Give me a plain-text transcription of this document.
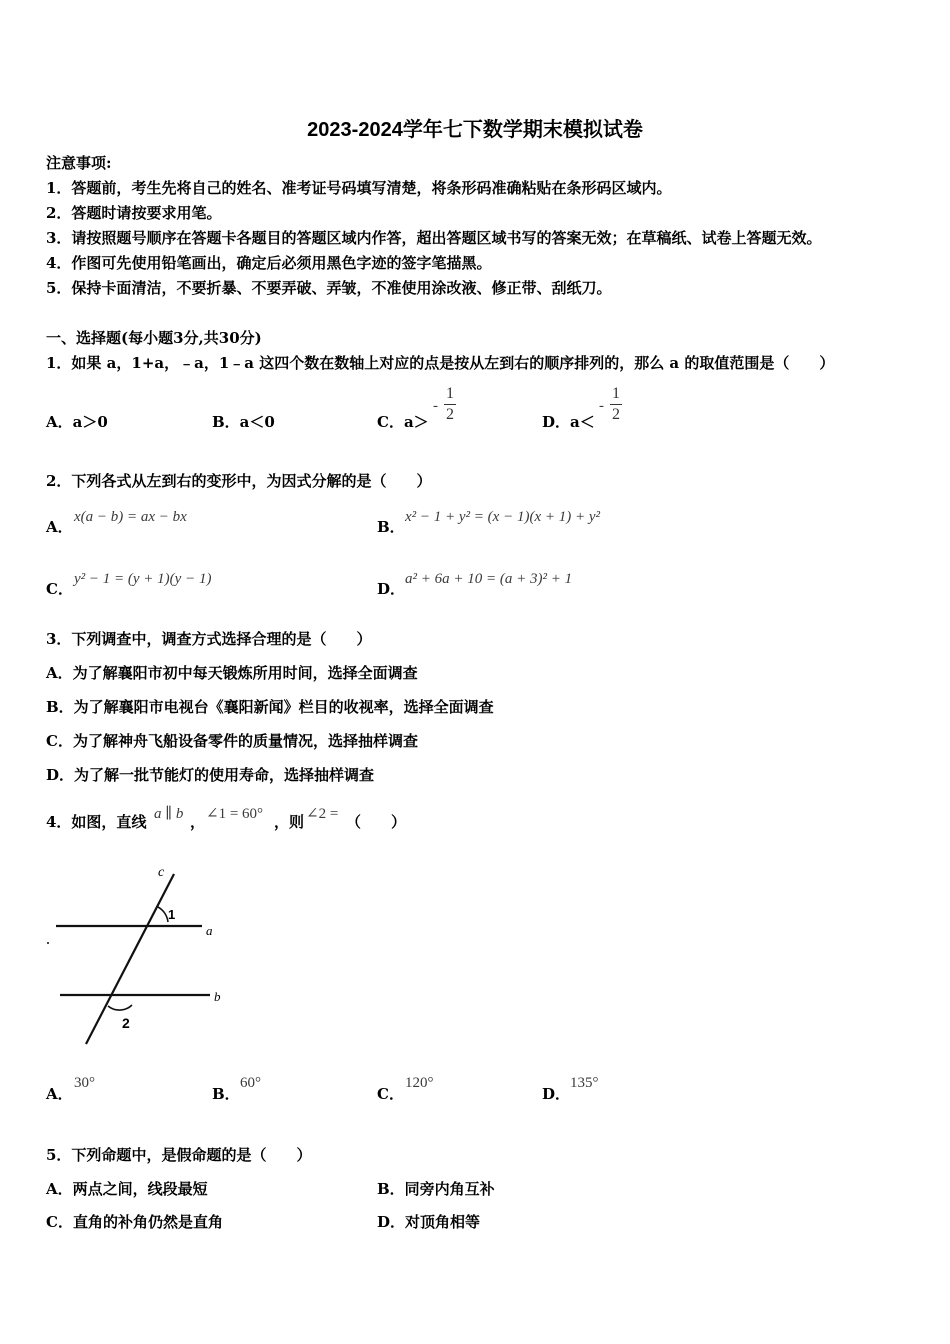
2023-2024学年七下数学期末模拟试卷
注意事项:
1．答题前，考生先将自己的姓名、准考证号码填写清楚，将条形码准确粘贴在条形码区域内。
2．答题时请按要求用笔。
3．请按照题号顺序在答题卡各题目的答题区域内作答，超出答题区域书写的答案无效；在草稿纸、试卷上答题无效。
4．作图可先使用铅笔画出，确定后必须用黑色字迹的签字笔描黑。
5．保持卡面清洁，不要折暴、不要弄破、弄皱，不准使用涂改液、修正带、刮纸刀。
一、选择题(每小题3分,共30分)
1．如果 a，1+a，﹣a，1﹣a 这四个数在数轴上对应的点是按从左到右的顺序排列的，那么 a 的取值范围是（　　）
A．a＞0	B．a＜0	C．a＞
-
1
2	D．a＜
-
1
2
2．下列各式从左到右的变形中，为因式分解的是（　　）
A．
x(a − b) = ax − bx
B．
x² − 1 + y² = (x − 1)(x + 1) + y²
C．
y² − 1 = (y + 1)(y − 1)
D．
a² + 6a + 10 = (a + 3)² + 1
3．下列调查中，调查方式选择合理的是（　　）
A．为了解襄阳市初中每天锻炼所用时间，选择全面调查
B．为了解襄阳市电视台《襄阳新闻》栏目的收视率，选择全面调查
C．为了解神舟飞船设备零件的质量情况，选择抽样调查
D．为了解一批节能灯的使用寿命，选择抽样调查
4．如图，直线 a ∥ b ， ∠1 = 60° ，则 ∠2 = （　　）
c
a
b
1
2
A．
30°
B．
60°
C．
120°
D．
135°
5．下列命题中，是假命题的是（　　）
A．两点之间，线段最短	B．同旁内角互补
C．直角的补角仍然是直角	D．对顶角相等
